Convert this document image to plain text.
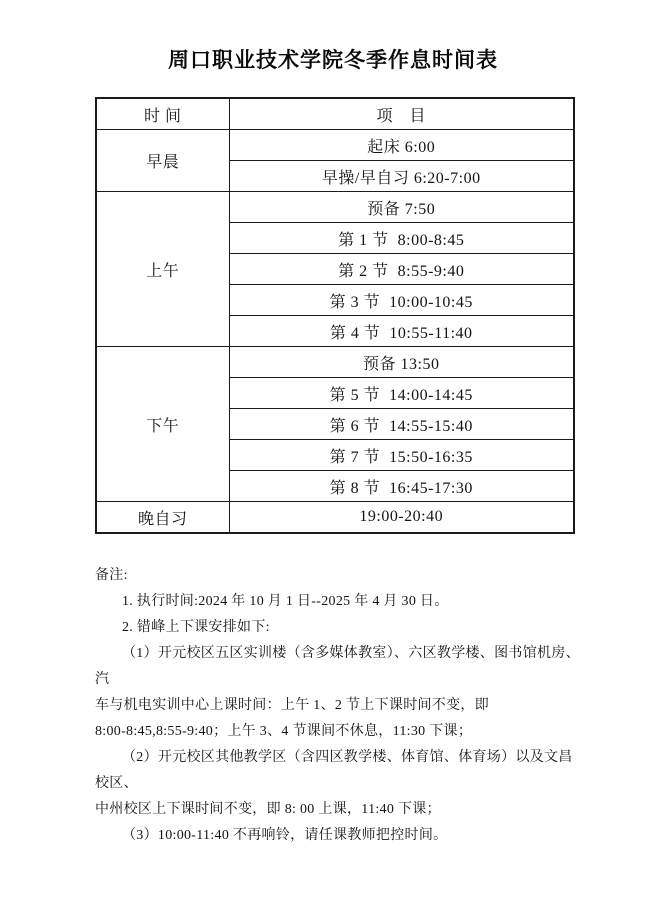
周口职业技术学院冬季作息时间表
时 间	项　目
早晨	起床 6:00
	早操/早自习 6:20-7:00
上午	预备 7:50
	第 1 节  8:00-8:45
	第 2 节  8:55-9:40
	第 3 节  10:00-10:45
	第 4 节  10:55-11:40
下午	预备 13:50
	第 5 节  14:00-14:45
	第 6 节  14:55-15:40
	第 7 节  15:50-16:35
	第 8 节  16:45-17:30
晚自习	19:00-20:40
备注:
1. 执行时间:2024 年 10 月 1 日--2025 年 4 月 30 日。
2. 错峰上下课安排如下:
（1）开元校区五区实训楼（含多媒体教室）、六区教学楼、图书馆机房、汽
车与机电实训中心上课时间：上午 1、2 节上下课时间不变，即
8:00-8:45,8:55-9:40；上午 3、4 节课间不休息，11:30 下课；
（2）开元校区其他教学区（含四区教学楼、体育馆、体育场）以及文昌校区、
中州校区上下课时间不变，即 8: 00 上课，11:40 下课；
（3）10:00-11:40 不再响铃，请任课教师把控时间。
